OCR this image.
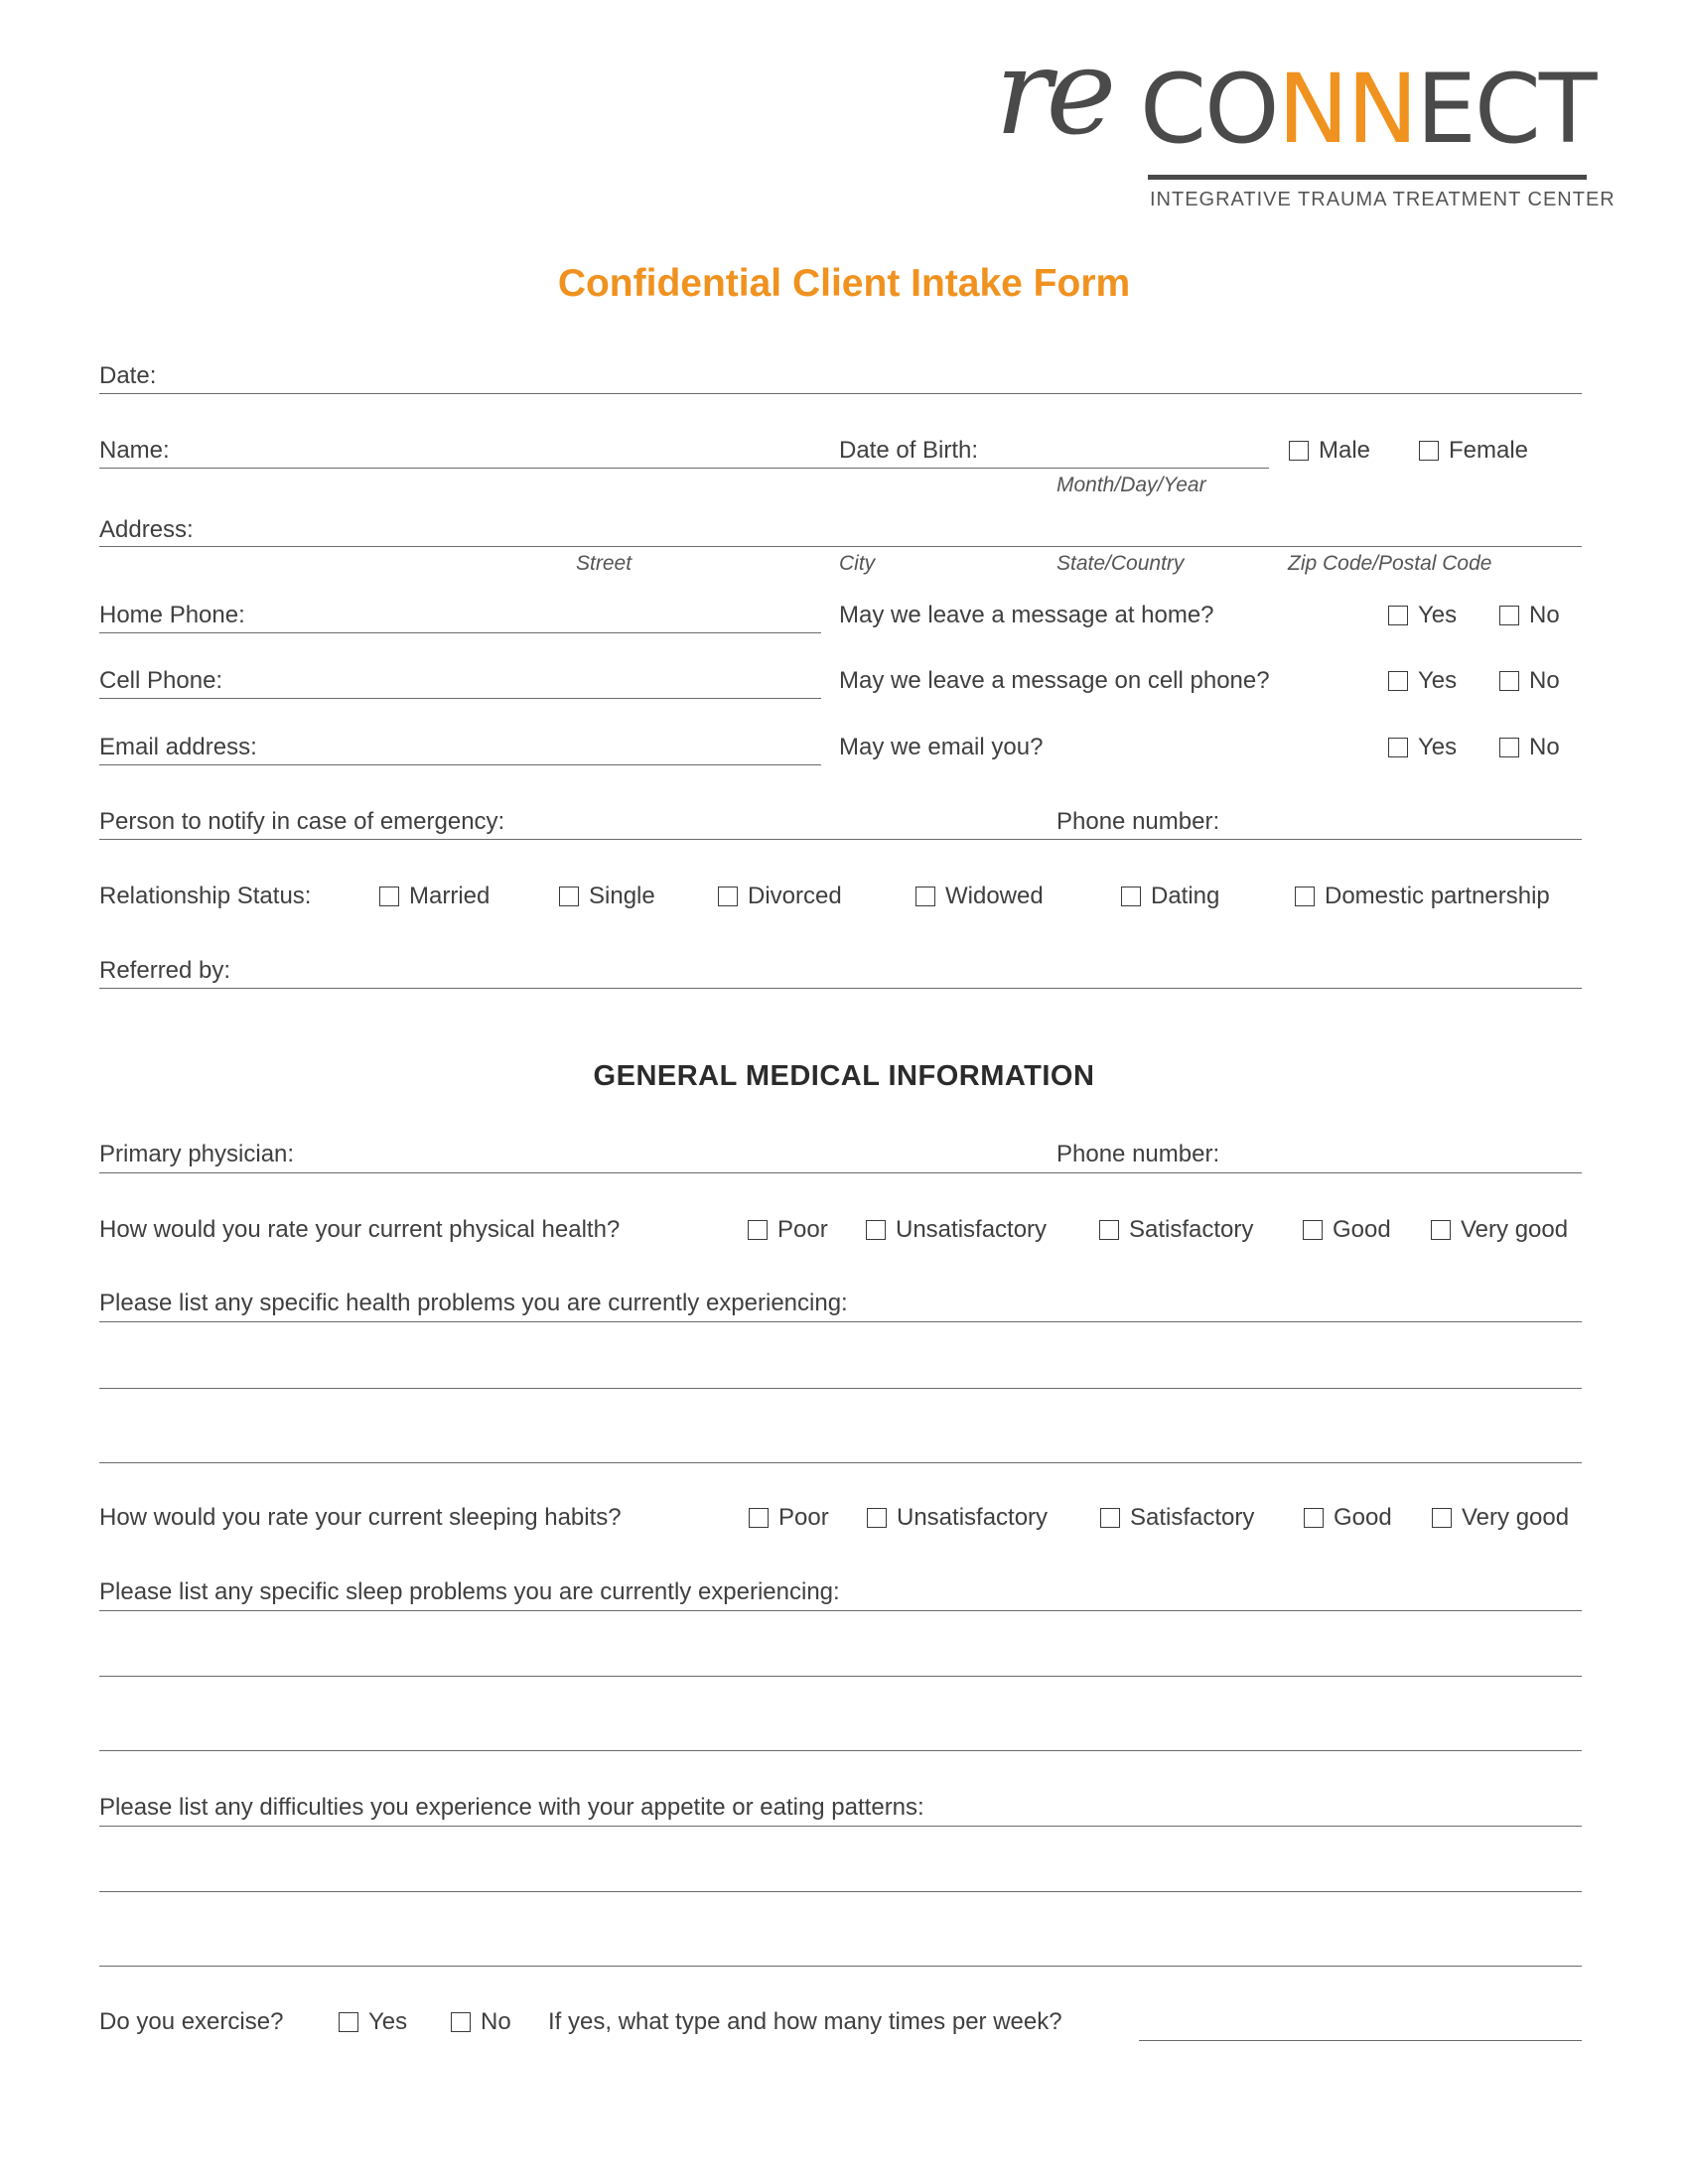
re CONNECT
INTEGRATIVE TRAUMA TREATMENT CENTER
Confidential Client Intake Form
Date:
Name:	Date of Birth:
Month/Day/Year
Male	Female
Address:
Street	City	State/Country	Zip Code/Postal Code
Home Phone:	May we leave a message at home?	Yes	No
Cell Phone:	May we leave a message on cell phone?	Yes	No
Email address:	May we email you?	Yes	No
Person to notify in case of emergency:	Phone number:
Relationship Status:	Married	Single	Divorced	Widowed	Dating	Domestic partnership
Referred by:
GENERAL MEDICAL INFORMATION
Primary physician:	Phone number:
How would you rate your current physical health?	Poor	Unsatisfactory	Satisfactory	Good	Very good
Please list any specific health problems you are currently experiencing:
How would you rate your current sleeping habits?	Poor	Unsatisfactory	Satisfactory	Good	Very good
Please list any specific sleep problems you are currently experiencing:
Please list any difficulties you experience with your appetite or eating patterns:
Do you exercise?	Yes	No If yes, what type and how many times per week?
